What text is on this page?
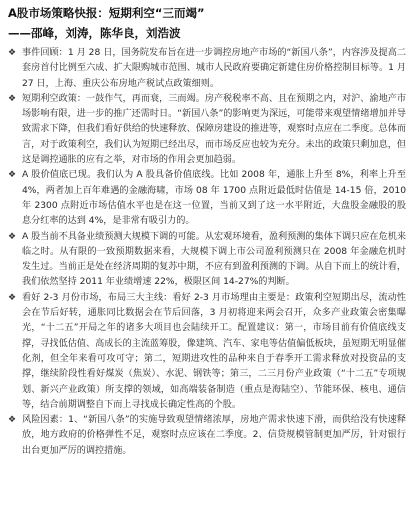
A股市场策略快报：短期利空“三而竭”
——邵峰，刘涛，陈华良，刘浩波
❖ 事件回顾：1 月 28 日，国务院发布旨在进一步调控房地产市场的“新国八条”，内容涉及提高二套房首付比例至六成、扩大限购城市范围、城市人民政府要确定新建住房价格控制目标等。1 月 27 日，上海、重庆公布房地产税试点政策细则。
❖ 短期利空政策：一鼓作气，再而衰，三而竭。房产税税率不高、且在预期之内，对沪、渝地产市场影响有限，进一步的推广还需时日。“新国八条”的影响更为深远，可能带来观望情绪增加并导致需求下降，但我们看好供给的快速释放、保障房建设的推进等，观察时点应在二季度。总体而言，对于政策利空，我们认为短期已经出尽，而市场反应也较为充分。未出的政策只剩加息，但这是调控通胀的应有之举，对市场的作用会更加趋弱。
❖ A 股价值底已现。我们认为 A 股具备价值底线。比如 2008 年，通胀上升至 8%，利率上升至 4%，两者加上百年难遇的金融海啸，市场 08 年 1700 点附近最低时估值是 14-15 倍，2010 年 2300 点附近市场估值水平也是在这一位置，当前又到了这一水平附近，大盘股金融股的股息分红率的达到 4%，是非常有吸引力的。
❖ A 股当前不具备业绩预测大规模下调的可能。从宏观环境看，盈利预测的集体下调只应在危机来临之时。从有限的一致预期数据来看，大规模下调上市公司盈利预测只在 2008 年金融危机时发生过。当前正是处在经济周期的复苏中期，不应有到盈利预测的下调。从自下而上的统计看，我们依然坚持 2011 年业绩增速 22%，极限区间 14-27%的判断。
❖ 看好 2-3 月份市场，布局三大主线：看好 2-3 月市场理由主要是：政策利空短期出尽，流动性会在节后好转，通胀同比数据会在节后回落，3 月初将迎来两会召开，众多产业政策会密集曝光，“十二五”开局之年的诸多大项目也会陆续开工。配置建议：第一，市场目前有价值底线支撑，寻找低估值、高成长的主流蓝筹股，像建筑、汽车、家电等估值偏低板块，虽短期无明显催化剂，但全年来看可攻可守；第二，短期进攻性的品种来自于春季开工需求释放对投资品的支撑，继续阶段性看好煤炭（焦炭）、水泥、钢铁等；第三，二三月份产业政策（“十二五”专项规划、新兴产业政策）所支撑的领域，如高端装备制造（重点是海陆空）、节能环保、核电、通信等，结合前期调整自下而上寻找成长确定性高的个股。
❖ 风险因素：1、“新国八条”的实施导致观望情绪浓厚，房地产需求快速下滑，而供给没有快速释放，地方政府的价格弹性不足，观察时点应该在二季度。2、信贷规模管制更加严厉，针对银行出台更加严厉的调控措施。
